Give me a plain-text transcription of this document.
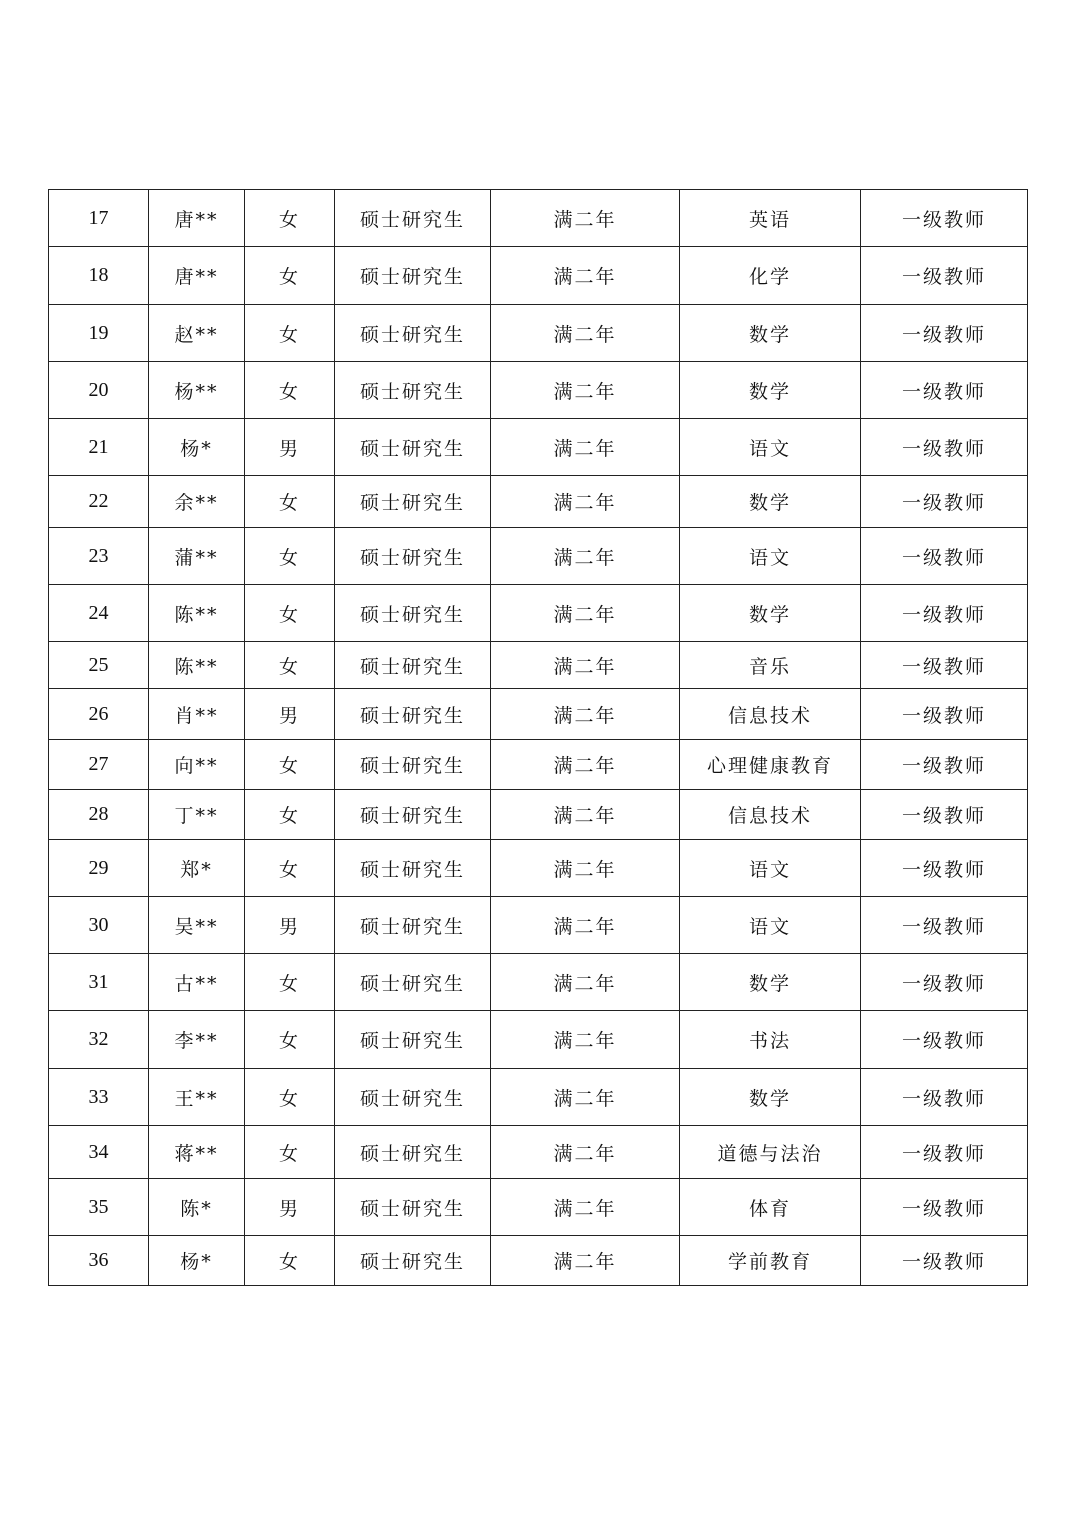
17	唐**	女	硕士研究生	满二年	英语	一级教师
18	唐**	女	硕士研究生	满二年	化学	一级教师
19	赵**	女	硕士研究生	满二年	数学	一级教师
20	杨**	女	硕士研究生	满二年	数学	一级教师
21	杨*	男	硕士研究生	满二年	语文	一级教师
22	余**	女	硕士研究生	满二年	数学	一级教师
23	蒲**	女	硕士研究生	满二年	语文	一级教师
24	陈**	女	硕士研究生	满二年	数学	一级教师
25	陈**	女	硕士研究生	满二年	音乐	一级教师
26	肖**	男	硕士研究生	满二年	信息技术	一级教师
27	向**	女	硕士研究生	满二年	心理健康教育	一级教师
28	丁**	女	硕士研究生	满二年	信息技术	一级教师
29	郑*	女	硕士研究生	满二年	语文	一级教师
30	吴**	男	硕士研究生	满二年	语文	一级教师
31	古**	女	硕士研究生	满二年	数学	一级教师
32	李**	女	硕士研究生	满二年	书法	一级教师
33	王**	女	硕士研究生	满二年	数学	一级教师
34	蒋**	女	硕士研究生	满二年	道德与法治	一级教师
35	陈*	男	硕士研究生	满二年	体育	一级教师
36	杨*	女	硕士研究生	满二年	学前教育	一级教师
